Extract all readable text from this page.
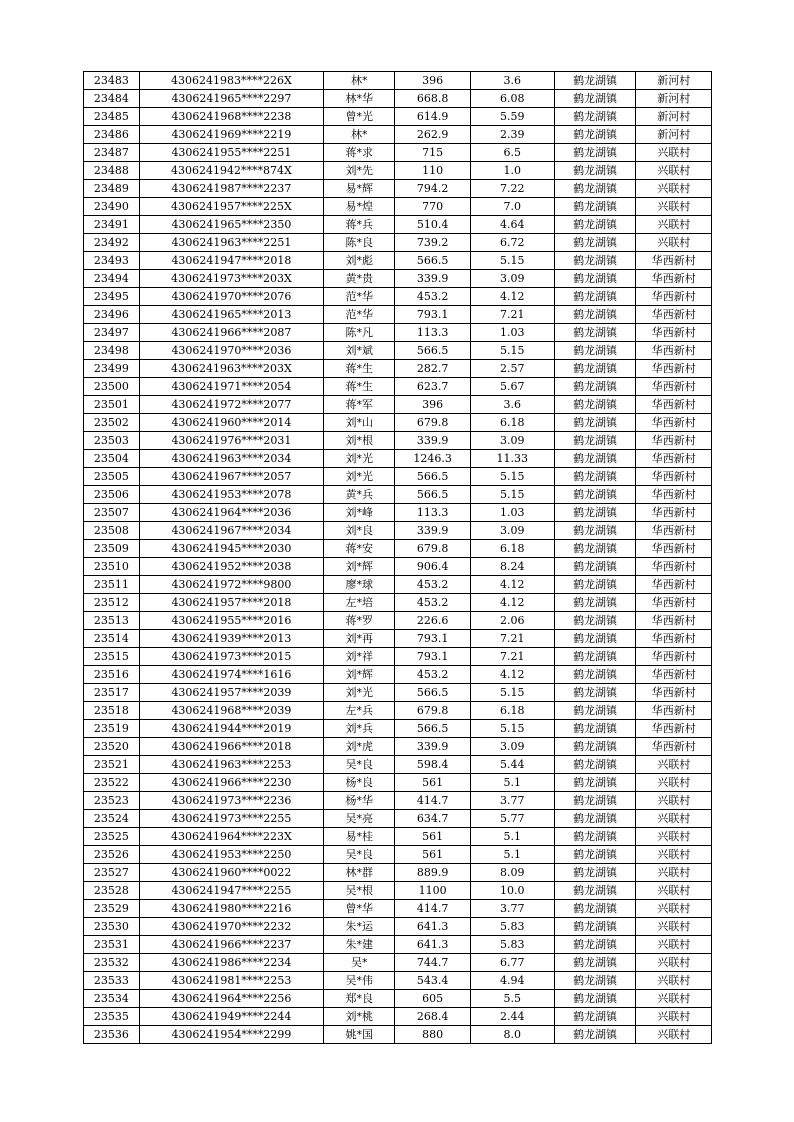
23483	4306241983****226X	林*	396	3.6	鹤龙湖镇	新河村
23484	4306241965****2297	林*华	668.8	6.08	鹤龙湖镇	新河村
23485	4306241968****2238	曾*光	614.9	5.59	鹤龙湖镇	新河村
23486	4306241969****2219	林*	262.9	2.39	鹤龙湖镇	新河村
23487	4306241955****2251	蒋*求	715	6.5	鹤龙湖镇	兴联村
23488	4306241942****874X	刘*先	110	1.0	鹤龙湖镇	兴联村
23489	4306241987****2237	易*辉	794.2	7.22	鹤龙湖镇	兴联村
23490	4306241957****225X	易*煌	770	7.0	鹤龙湖镇	兴联村
23491	4306241965****2350	蒋*兵	510.4	4.64	鹤龙湖镇	兴联村
23492	4306241963****2251	陈*良	739.2	6.72	鹤龙湖镇	兴联村
23493	4306241947****2018	刘*彪	566.5	5.15	鹤龙湖镇	华西新村
23494	4306241973****203X	黄*贵	339.9	3.09	鹤龙湖镇	华西新村
23495	4306241970****2076	范*华	453.2	4.12	鹤龙湖镇	华西新村
23496	4306241965****2013	范*华	793.1	7.21	鹤龙湖镇	华西新村
23497	4306241966****2087	陈*凡	113.3	1.03	鹤龙湖镇	华西新村
23498	4306241970****2036	刘*斌	566.5	5.15	鹤龙湖镇	华西新村
23499	4306241963****203X	蒋*生	282.7	2.57	鹤龙湖镇	华西新村
23500	4306241971****2054	蒋*生	623.7	5.67	鹤龙湖镇	华西新村
23501	4306241972****2077	蒋*军	396	3.6	鹤龙湖镇	华西新村
23502	4306241960****2014	刘*山	679.8	6.18	鹤龙湖镇	华西新村
23503	4306241976****2031	刘*根	339.9	3.09	鹤龙湖镇	华西新村
23504	4306241963****2034	刘*光	1246.3	11.33	鹤龙湖镇	华西新村
23505	4306241967****2057	刘*光	566.5	5.15	鹤龙湖镇	华西新村
23506	4306241953****2078	黄*兵	566.5	5.15	鹤龙湖镇	华西新村
23507	4306241964****2036	刘*峰	113.3	1.03	鹤龙湖镇	华西新村
23508	4306241967****2034	刘*良	339.9	3.09	鹤龙湖镇	华西新村
23509	4306241945****2030	蒋*安	679.8	6.18	鹤龙湖镇	华西新村
23510	4306241952****2038	刘*辉	906.4	8.24	鹤龙湖镇	华西新村
23511	4306241972****9800	廖*球	453.2	4.12	鹤龙湖镇	华西新村
23512	4306241957****2018	左*培	453.2	4.12	鹤龙湖镇	华西新村
23513	4306241955****2016	蒋*罗	226.6	2.06	鹤龙湖镇	华西新村
23514	4306241939****2013	刘*再	793.1	7.21	鹤龙湖镇	华西新村
23515	4306241973****2015	刘*祥	793.1	7.21	鹤龙湖镇	华西新村
23516	4306241974****1616	刘*辉	453.2	4.12	鹤龙湖镇	华西新村
23517	4306241957****2039	刘*光	566.5	5.15	鹤龙湖镇	华西新村
23518	4306241968****2039	左*兵	679.8	6.18	鹤龙湖镇	华西新村
23519	4306241944****2019	刘*兵	566.5	5.15	鹤龙湖镇	华西新村
23520	4306241966****2018	刘*虎	339.9	3.09	鹤龙湖镇	华西新村
23521	4306241963****2253	吴*良	598.4	5.44	鹤龙湖镇	兴联村
23522	4306241966****2230	杨*良	561	5.1	鹤龙湖镇	兴联村
23523	4306241973****2236	杨*华	414.7	3.77	鹤龙湖镇	兴联村
23524	4306241973****2255	吴*亮	634.7	5.77	鹤龙湖镇	兴联村
23525	4306241964****223X	易*桂	561	5.1	鹤龙湖镇	兴联村
23526	4306241953****2250	吴*良	561	5.1	鹤龙湖镇	兴联村
23527	4306241960****0022	林*群	889.9	8.09	鹤龙湖镇	兴联村
23528	4306241947****2255	吴*根	1100	10.0	鹤龙湖镇	兴联村
23529	4306241980****2216	曾*华	414.7	3.77	鹤龙湖镇	兴联村
23530	4306241970****2232	朱*运	641.3	5.83	鹤龙湖镇	兴联村
23531	4306241966****2237	朱*建	641.3	5.83	鹤龙湖镇	兴联村
23532	4306241986****2234	吴*	744.7	6.77	鹤龙湖镇	兴联村
23533	4306241981****2253	吴*伟	543.4	4.94	鹤龙湖镇	兴联村
23534	4306241964****2256	郑*良	605	5.5	鹤龙湖镇	兴联村
23535	4306241949****2244	刘*桃	268.4	2.44	鹤龙湖镇	兴联村
23536	4306241954****2299	姚*国	880	8.0	鹤龙湖镇	兴联村
